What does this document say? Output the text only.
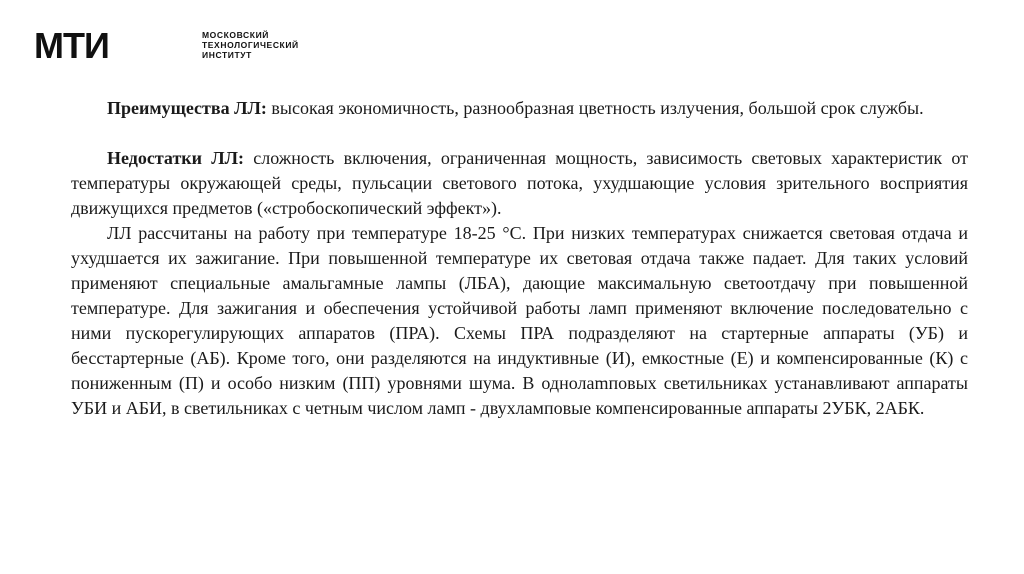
МТИ	МОСКОВСКИЙ
ТЕХНОЛОГИЧЕСКИЙ
ИНСТИТУТ

Преимущества ЛЛ: высокая экономичность, разнообразная цветность излучения, большой срок службы.

Недостатки ЛЛ: сложность включения, ограниченная мощность, зависимость световых характеристик от температуры окружающей среды, пульсации светового потока, ухудшающие условия зрительного восприятия движущихся предметов («стробоскопический эффект»).

ЛЛ рассчитаны на работу при температуре 18-25 °С. При низких температурах снижается световая отдача и ухудшается их зажигание. При повышенной температуре их световая отдача также падает. Для таких условий применяют специальные амальгамные лампы (ЛБА), дающие максимальную светоотдачу при повышенной температуре. Для зажигания и обеспечения устойчивой работы ламп применяют включение последовательно с ними пускорегулирующих аппаратов (ПРА). Схемы ПРА подразделяют на стартерные аппараты (УБ) и бесстартерные (АБ). Кроме того, они разделяются на индуктивные (И), емкостные (Е) и компенсированные (К) с пониженным (П) и особо низким (ПП) уровнями шума. В однолamповых светильниках устанавливают аппараты УБИ и АБИ, в светильниках с четным числом ламп - двухламповые компенсированные аппараты 2УБК, 2АБК.
